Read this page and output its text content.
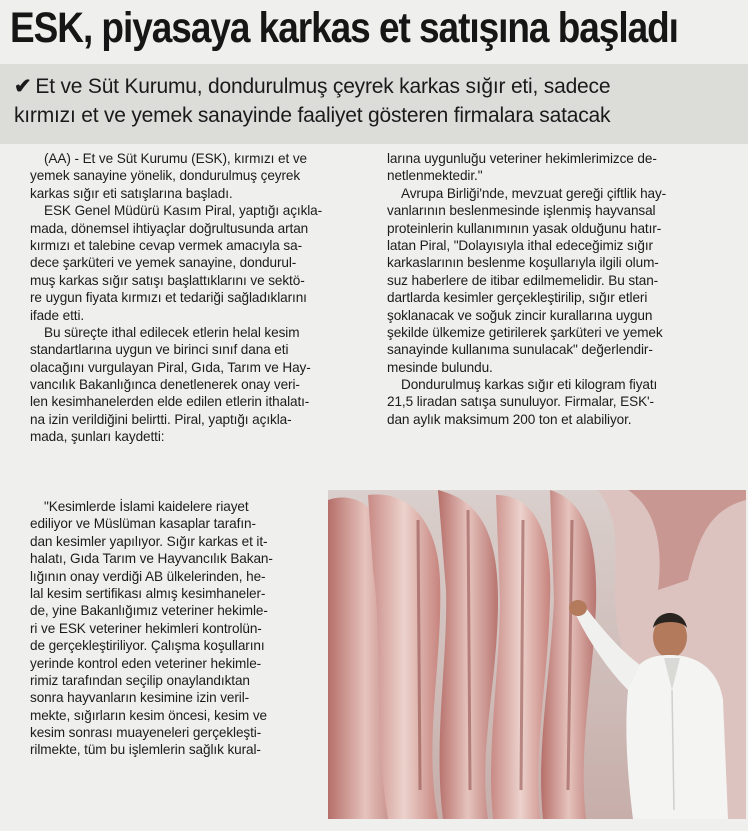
ESK, piyasaya karkas et satışına başladı
✔ Et ve Süt Kurumu, dondurulmuş çeyrek karkas sığır eti, sadece
kırmızı et ve yemek sanayinde faaliyet gösteren firmalara satacak
(AA) - Et ve Süt Kurumu (ESK), kırmızı et ve
yemek sanayine yönelik, dondurulmuş çeyrek
karkas sığır eti satışlarına başladı.
ESK Genel Müdürü Kasım Piral, yaptığı açıkla-
mada, dönemsel ihtiyaçlar doğrultusunda artan
kırmızı et talebine cevap vermek amacıyla sa-
dece şarküteri ve yemek sanayine, dondurul-
muş karkas sığır satışı başlattıklarını ve sektö-
re uygun fiyata kırmızı et tedariği sağladıklarını
ifade etti.
Bu süreçte ithal edilecek etlerin helal kesim
standartlarına uygun ve birinci sınıf dana eti
olacağını vurgulayan Piral, Gıda, Tarım ve Hay-
vancılık Bakanlığınca denetlenerek onay veri-
len kesimhanelerden elde edilen etlerin ithalatı-
na izin verildiğini belirtti. Piral, yaptığı açıkla-
mada, şunları kaydetti:
"Kesimlerde İslami kaidelere riayet
ediliyor ve Müslüman kasaplar tarafın-
dan kesimler yapılıyor. Sığır karkas et it-
halatı, Gıda Tarım ve Hayvancılık Bakan-
lığının onay verdiği AB ülkelerinden, he-
lal kesim sertifikası almış kesimhaneler-
de, yine Bakanlığımız veteriner hekimle-
ri ve ESK veteriner hekimleri kontrolün-
de gerçekleştiriliyor. Çalışma koşullarını
yerinde kontrol eden veteriner hekimle-
rimiz tarafından seçilip onaylandıktan
sonra hayvanların kesimine izin veril-
mekte, sığırların kesim öncesi, kesim ve
kesim sonrası muayeneleri gerçekleşti-
rilmekte, tüm bu işlemlerin sağlık kural-
larına uygunluğu veteriner hekimlerimizce de-
netlenmektedir."
Avrupa Birliği'nde, mevzuat gereği çiftlik hay-
vanlarının beslenmesinde işlenmiş hayvansal
proteinlerin kullanımının yasak olduğunu hatır-
latan Piral, "Dolayısıyla ithal edeceğimiz sığır
karkaslarının beslenme koşullarıyla ilgili olum-
suz haberlere de itibar edilmemelidir. Bu stan-
dartlarda kesimler gerçekleştirilip, sığır etleri
şoklanacak ve soğuk zincir kurallarına uygun
şekilde ülkemize getirilerek şarküteri ve yemek
sanayinde kullanıma sunulacak" değerlendir-
mesinde bulundu.
Dondurulmuş karkas sığır eti kilogram fiyatı
21,5 liradan satışa sunuluyor. Firmalar, ESK'-
dan aylık maksimum 200 ton et alabiliyor.
